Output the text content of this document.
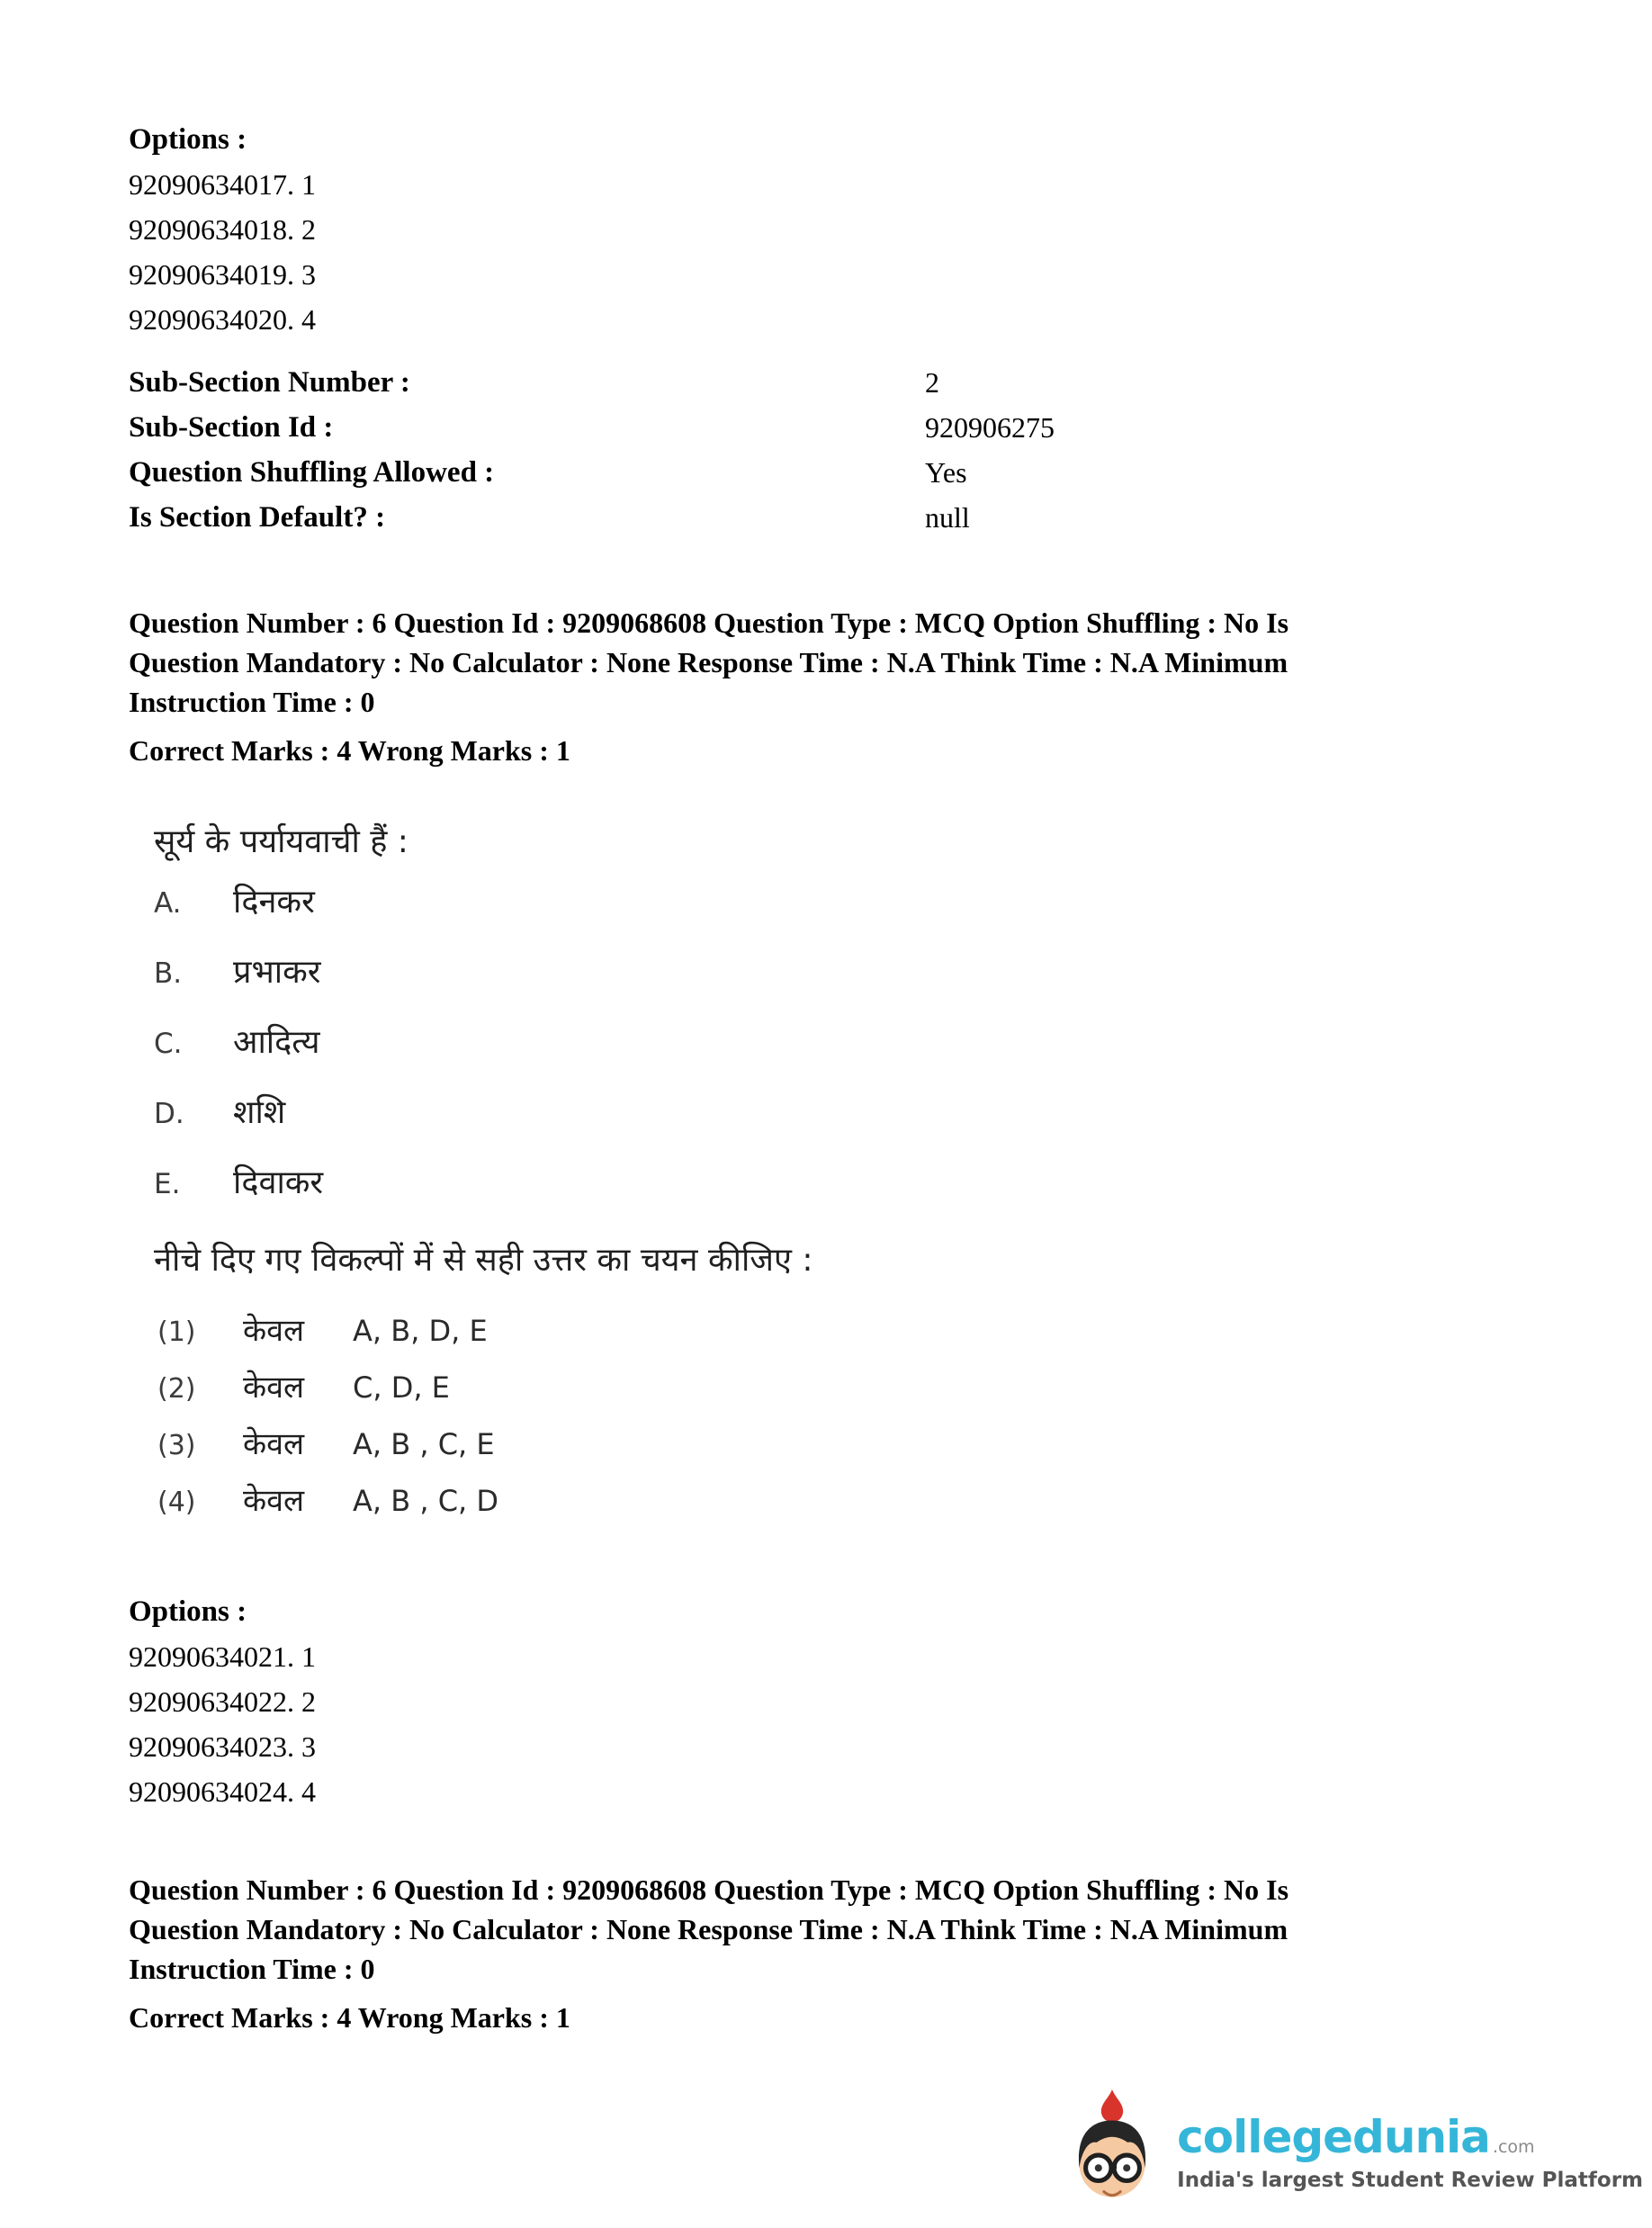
Options :
92090634017. 1
92090634018. 2
92090634019. 3
92090634020. 4
Sub-Section Number :	2
Sub-Section Id :	920906275
Question Shuffling Allowed :	Yes
Is Section Default? :	null
Question Number : 6 Question Id : 9209068608 Question Type : MCQ Option Shuffling : No Is
Question Mandatory : No Calculator : None Response Time : N.A Think Time : N.A Minimum
Instruction Time : 0
Correct Marks : 4 Wrong Marks : 1
सूर्य के पर्यायवाची हैं :
A.	दिनकर
B.	प्रभाकर
C.	आदित्य
D.	शशि
E.	दिवाकर
नीचे दिए गए विकल्पों में से सही उत्तर का चयन कीजिए :
(1)	केवल	A, B, D, E
(2)	केवल	C, D, E
(3)	केवल	A, B , C, E
(4)	केवल	A, B , C, D
Options :
92090634021. 1
92090634022. 2
92090634023. 3
92090634024. 4
Question Number : 6 Question Id : 9209068608 Question Type : MCQ Option Shuffling : No Is
Question Mandatory : No Calculator : None Response Time : N.A Think Time : N.A Minimum
Instruction Time : 0
Correct Marks : 4 Wrong Marks : 1
collegedunia .com
India's largest Student Review Platform
